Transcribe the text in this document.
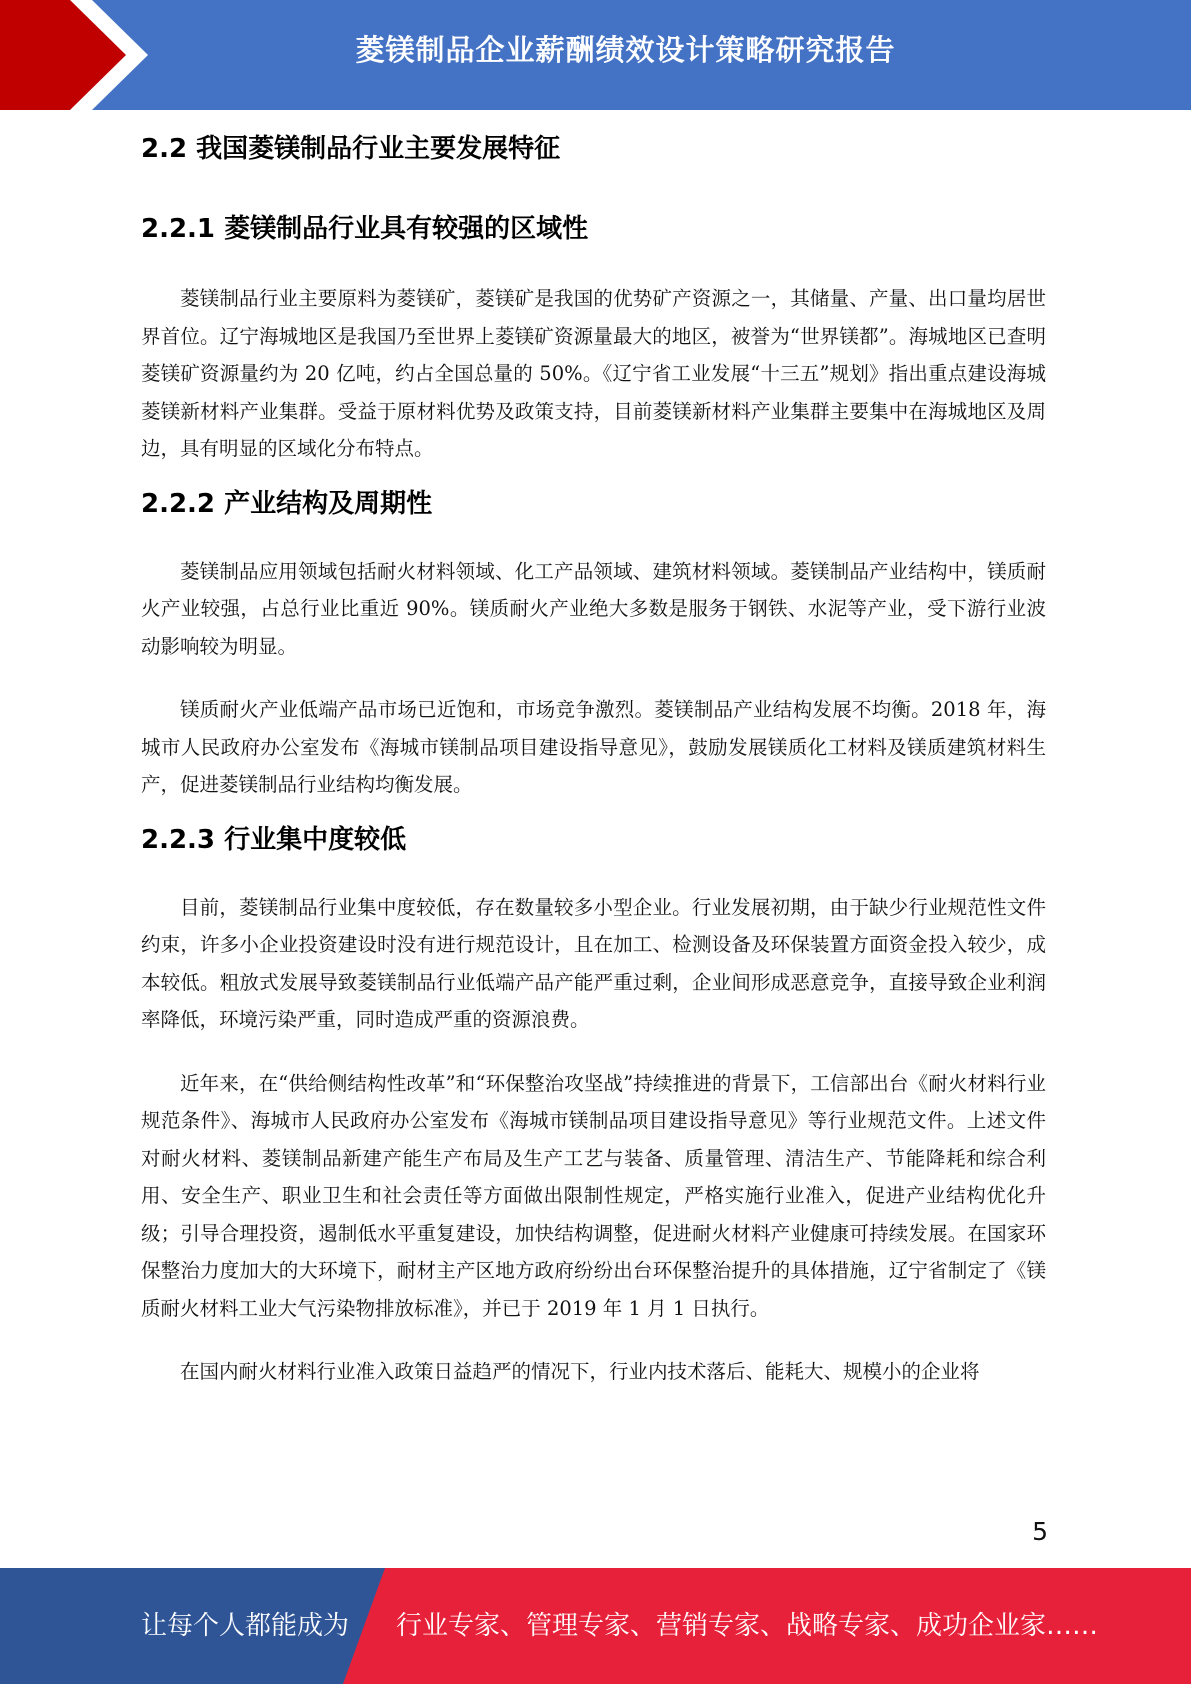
菱镁制品企业薪酬绩效设计策略研究报告
2.2 我国菱镁制品行业主要发展特征
2.2.1 菱镁制品行业具有较强的区域性

菱镁制品行业主要原料为菱镁矿，菱镁矿是我国的优势矿产资源之一，其储量、产量、出口量均居世界首位。辽宁海城地区是我国乃至世界上菱镁矿资源量最大的地区，被誉为“世界镁都”。海城地区已查明菱镁矿资源量约为 20 亿吨，约占全国总量的 50%。《辽宁省工业发展“十三五”规划》指出重点建设海城菱镁新材料产业集群。受益于原材料优势及政策支持，目前菱镁新材料产业集群主要集中在海城地区及周边，具有明显的区域化分布特点。

2.2.2 产业结构及周期性

菱镁制品应用领域包括耐火材料领域、化工产品领域、建筑材料领域。菱镁制品产业结构中，镁质耐火产业较强，占总行业比重近 90%。镁质耐火产业绝大多数是服务于钢铁、水泥等产业，受下游行业波动影响较为明显。

镁质耐火产业低端产品市场已近饱和，市场竞争激烈。菱镁制品产业结构发展不均衡。2018 年，海城市人民政府办公室发布《海城市镁制品项目建设指导意见》，鼓励发展镁质化工材料及镁质建筑材料生产，促进菱镁制品行业结构均衡发展。

2.2.3 行业集中度较低

目前，菱镁制品行业集中度较低，存在数量较多小型企业。行业发展初期，由于缺少行业规范性文件约束，许多小企业投资建设时没有进行规范设计，且在加工、检测设备及环保装置方面资金投入较少，成本较低。粗放式发展导致菱镁制品行业低端产品产能严重过剩，企业间形成恶意竞争，直接导致企业利润率降低，环境污染严重，同时造成严重的资源浪费。

近年来，在“供给侧结构性改革”和“环保整治攻坚战”持续推进的背景下，工信部出台《耐火材料行业规范条件》、海城市人民政府办公室发布《海城市镁制品项目建设指导意见》等行业规范文件。上述文件对耐火材料、菱镁制品新建产能生产布局及生产工艺与装备、质量管理、清洁生产、节能降耗和综合利用、安全生产、职业卫生和社会责任等方面做出限制性规定，严格实施行业准入，促进产业结构优化升级；引导合理投资，遏制低水平重复建设，加快结构调整，促进耐火材料产业健康可持续发展。在国家环保整治力度加大的大环境下，耐材主产区地方政府纷纷出台环保整治提升的具体措施，辽宁省制定了《镁质耐火材料工业大气污染物排放标准》，并已于 2019 年 1 月 1 日执行。

在国内耐火材料行业准入政策日益趋严的情况下，行业内技术落后、能耗大、规模小的企业将

5
让每个人都能成为 行业专家、管理专家、营销专家、战略专家、成功企业家……
